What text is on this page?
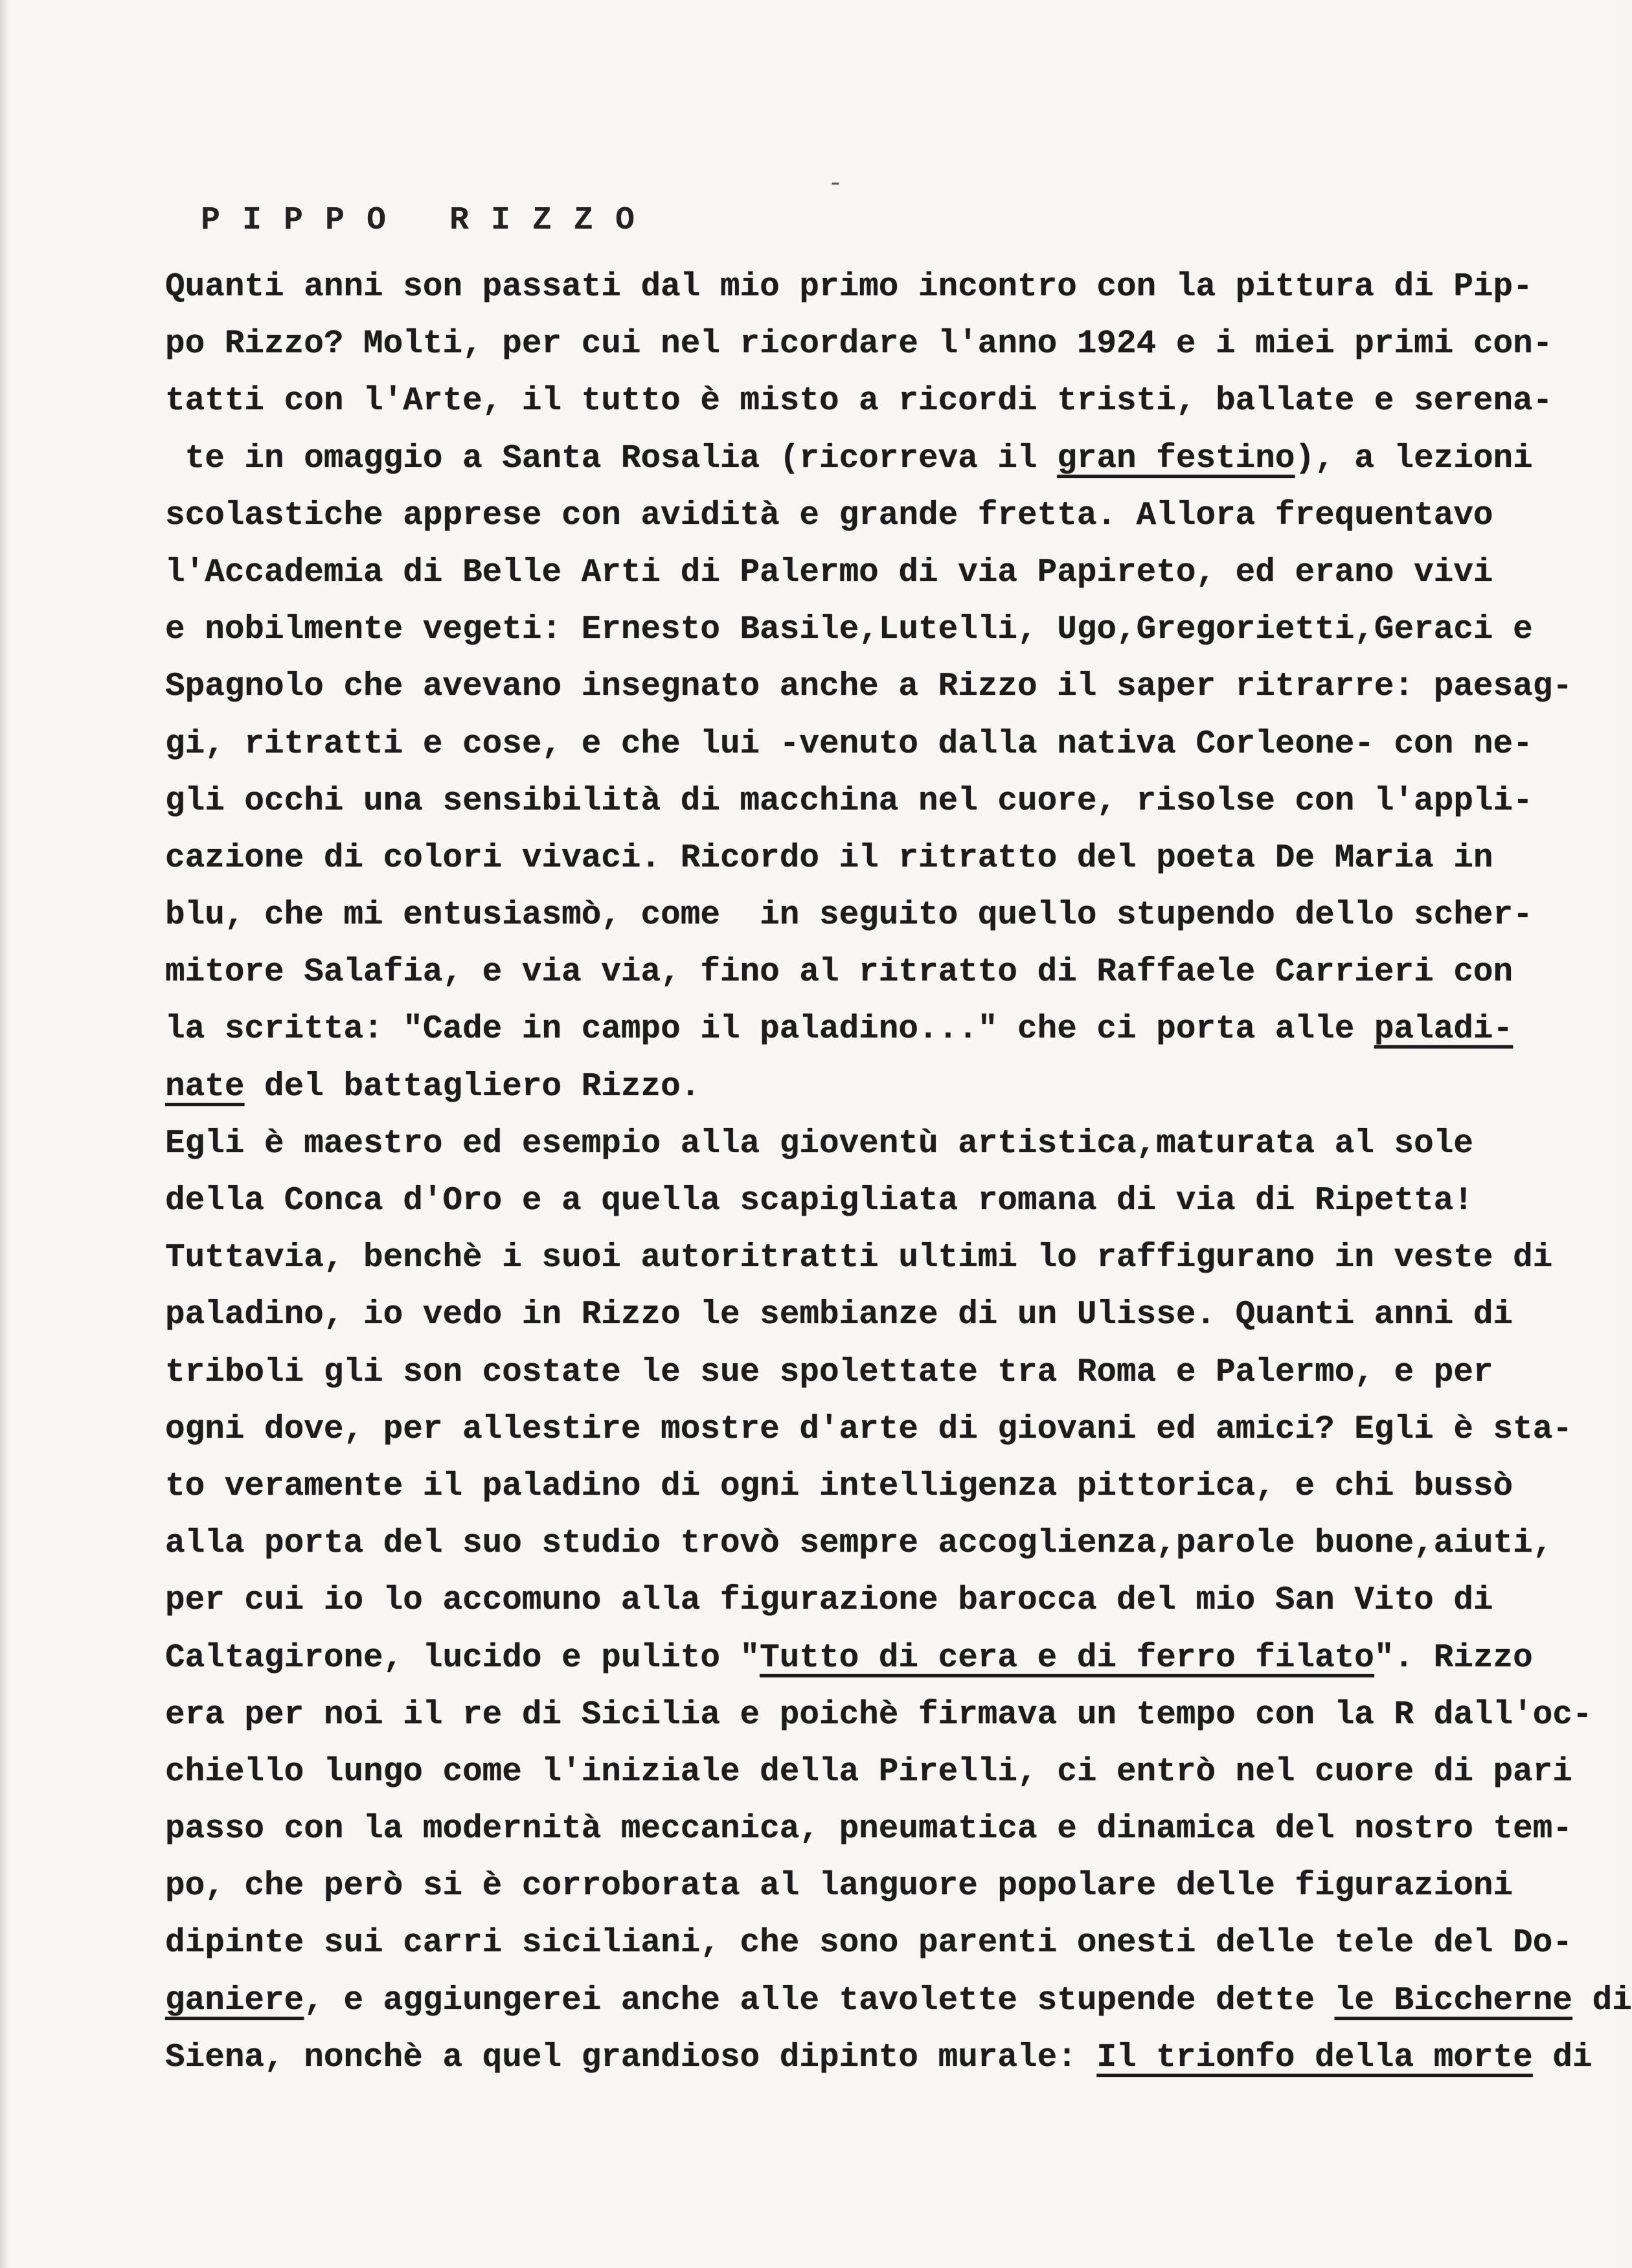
-
PIPPO RIZZO
Quanti anni son passati dal mio primo incontro con la pittura di Pip-
po Rizzo? Molti, per cui nel ricordare l'anno 1924 e i miei primi con-
tatti con l'Arte, il tutto è misto a ricordi tristi, ballate e serena-
te in omaggio a Santa Rosalia (ricorreva il gran festino), a lezioni
scolastiche apprese con avidità e grande fretta. Allora frequentavo
l'Accademia di Belle Arti di Palermo di via Papireto, ed erano vivi
e nobilmente vegeti: Ernesto Basile,Lutelli, Ugo,Gregorietti,Geraci e
Spagnolo che avevano insegnato anche a Rizzo il saper ritrarre: paesag-
gi, ritratti e cose, e che lui -venuto dalla nativa Corleone- con ne-
gli occhi una sensibilità di macchina nel cuore, risolse con l'appli-
cazione di colori vivaci. Ricordo il ritratto del poeta De Maria in
blu, che mi entusiasmò, come  in seguito quello stupendo dello scher-
mitore Salafia, e via via, fino al ritratto di Raffaele Carrieri con
la scritta: "Cade in campo il paladino..." che ci porta alle paladi-
nate del battagliero Rizzo.
Egli è maestro ed esempio alla gioventù artistica,maturata al sole
della Conca d'Oro e a quella scapigliata romana di via di Ripetta!
Tuttavia, benchè i suoi autoritratti ultimi lo raffigurano in veste di
paladino, io vedo in Rizzo le sembianze di un Ulisse. Quanti anni di
triboli gli son costate le sue spolettate tra Roma e Palermo, e per
ogni dove, per allestire mostre d'arte di giovani ed amici? Egli è sta-
to veramente il paladino di ogni intelligenza pittorica, e chi bussò
alla porta del suo studio trovò sempre accoglienza,parole buone,aiuti,
per cui io lo accomuno alla figurazione barocca del mio San Vito di
Caltagirone, lucido e pulito "Tutto di cera e di ferro filato". Rizzo
era per noi il re di Sicilia e poichè firmava un tempo con la R dall'oc-
chiello lungo come l'iniziale della Pirelli, ci entrò nel cuore di pari
passo con la modernità meccanica, pneumatica e dinamica del nostro tem-
po, che però si è corroborata al languore popolare delle figurazioni
dipinte sui carri siciliani, che sono parenti onesti delle tele del Do-
ganiere, e aggiungerei anche alle tavolette stupende dette le Biccherne di
Siena, nonchè a quel grandioso dipinto murale: Il trionfo della morte di
